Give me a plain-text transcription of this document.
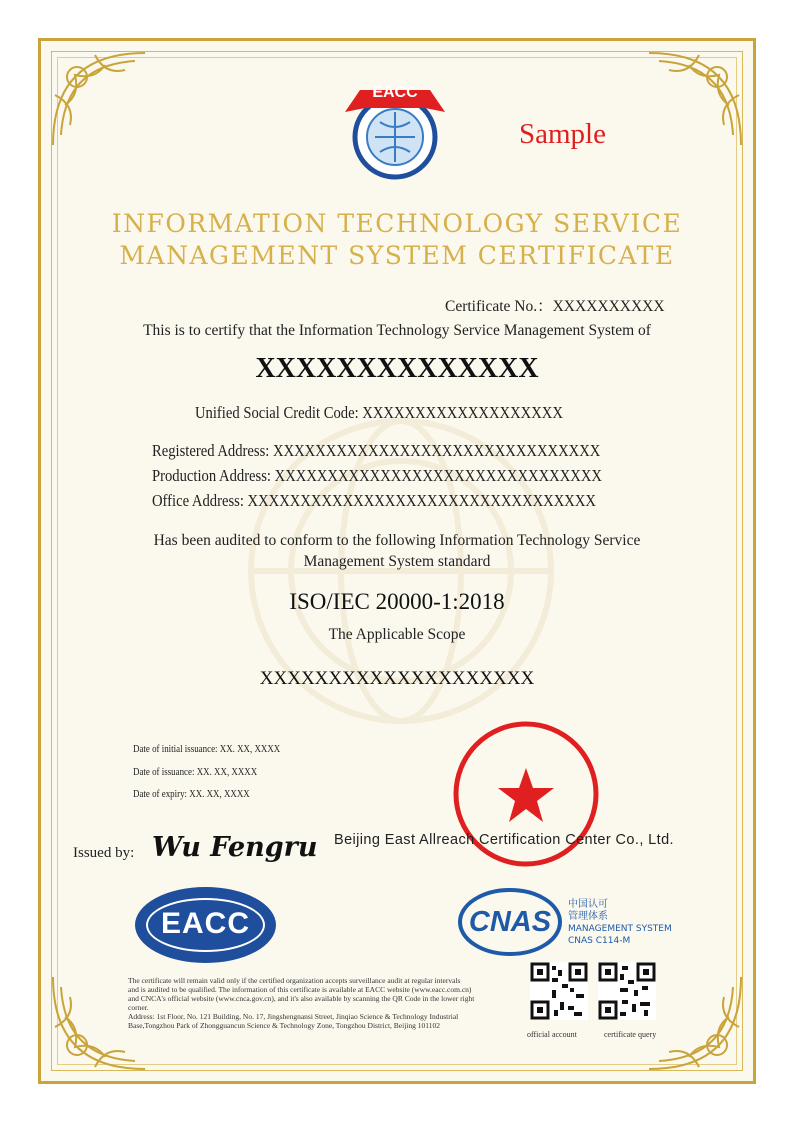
EACC
Sample
INFORMATION TECHNOLOGY SERVICE
MANAGEMENT SYSTEM CERTIFICATE
Certificate No.：XXXXXXXXXX
This is to certify that the Information Technology Service Management System of
XXXXXXXXXXXXXX
Unified Social Credit Code: XXXXXXXXXXXXXXXXXXX
Registered Address: XXXXXXXXXXXXXXXXXXXXXXXXXXXXXXX
Production Address: XXXXXXXXXXXXXXXXXXXXXXXXXXXXXXX
Office Address: XXXXXXXXXXXXXXXXXXXXXXXXXXXXXXXXX
Has been audited to conform to the following Information Technology Service
Management System standard
ISO/IEC 20000-1:2018
The Applicable Scope
XXXXXXXXXXXXXXXXXXXX
Date of initial issuance: XX. XX, XXXX
Date of issuance: XX. XX, XXXX
Date of expiry: XX. XX, XXXX
Issued by: Wu Fengru Beijing East Allreach Certification Center Co., Ltd.
EACC	CNAS
中国认可
管理体系
MANAGEMENT SYSTEM
CNAS C114-M
The certificate will remain valid only if the certified organization accepts surveillance audit at regular intervals
and is audited to be qualified. The information of this certificate is available at EACC website (www.eacc.com.cn)
and CNCA's official website (www.cnca.gov.cn), and it's also available by scanning the QR Code in the lower right
corner.
Address: 1st Floor, No. 121 Building, No. 17, Jingshengnansi Street, Jinqiao Science & Technology Industrial
Base,Tongzhou Park of Zhongguancun Science & Technology Zone, Tongzhou District, Beijing 101102
official account	certificate query
